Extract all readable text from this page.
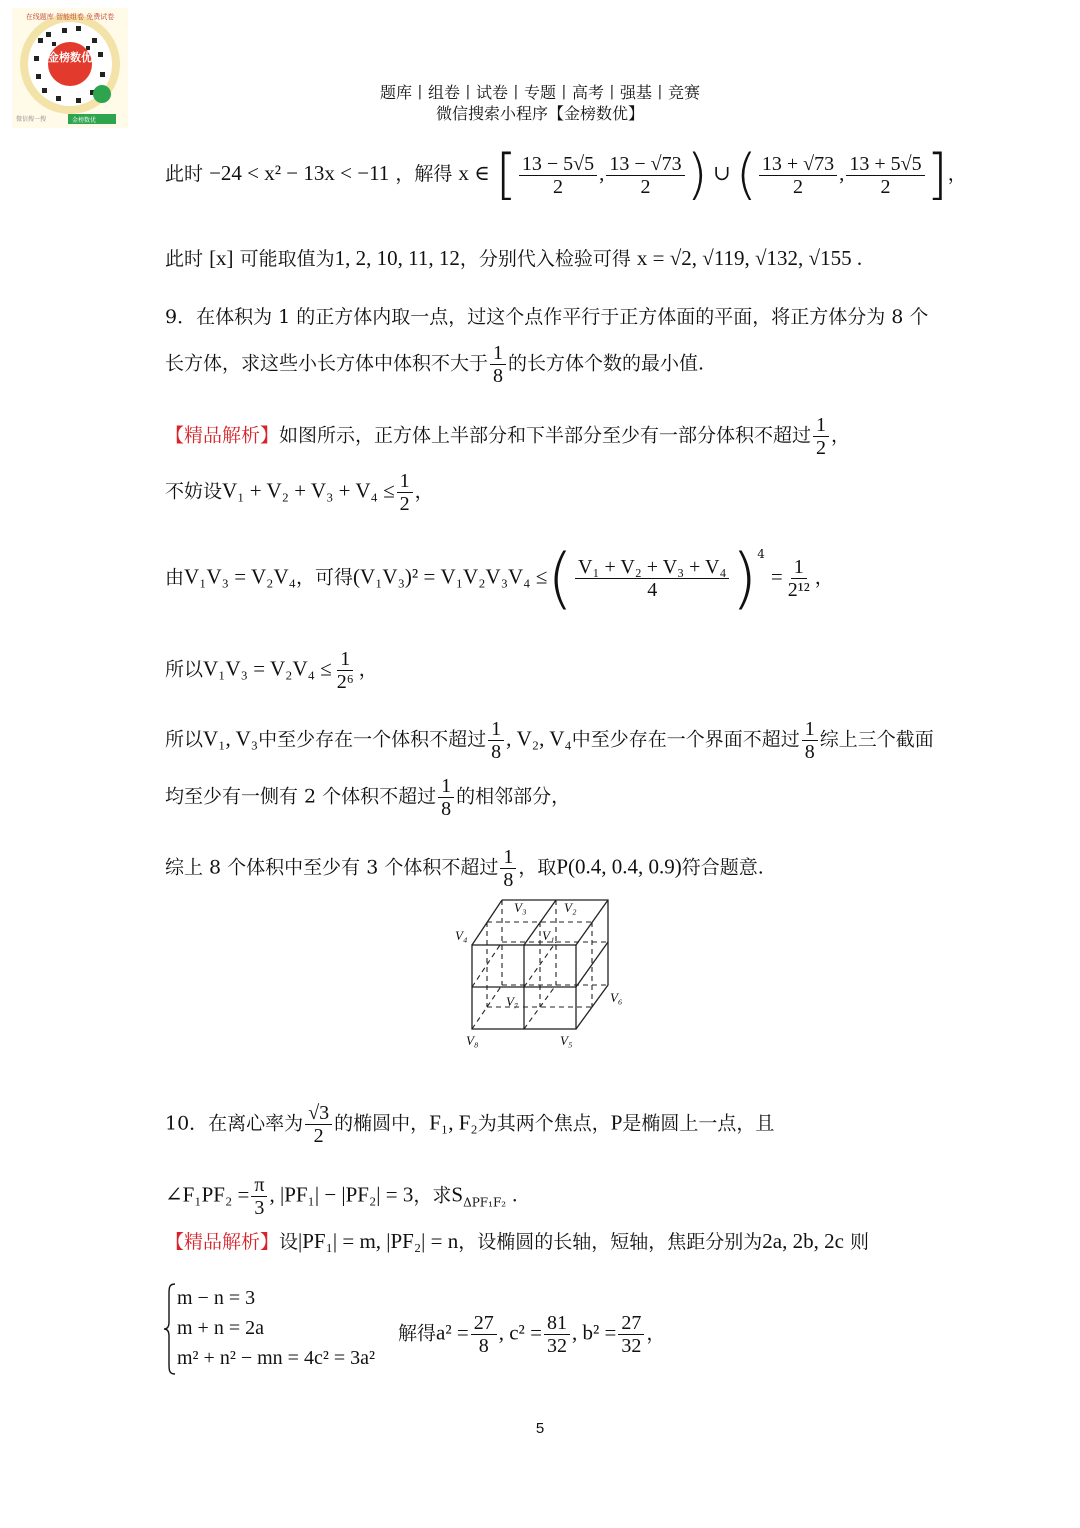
金榜数优
在线题库 智能组卷 免费试卷
微信搜一搜	金榜数优
题库丨组卷丨试卷丨专题丨高考丨强基丨竞赛
微信搜索小程序【金榜数优】
此时 −24 < x² − 13x < −11 ，解得 x ∈ [ $\frac{13 - 5√5}{2}$ , $\frac{13 - √73}{2}$ ) ∪ ( $\frac{13 + √73}{2}$ , $\frac{13 + 5√5}{2}$ ]，
此时 [x] 可能取值为1, 2, 10, 11, 12，分别代入检验可得 x = √2, √119, √132, √155 .
9．在体积为 1 的正方体内取一点，过这个点作平行于正方体面的平面，将正方体分为 8 个
长方体，求这些小长方体中体积不大于 $\frac{1}{8}$ 的长方体个数的最小值.
【精品解析】如图所示，正方体上半部分和下半部分至少有一部分体积不超过 $\frac{1}{2}$ ，
不妨设$V_1 + V_2 + V_3 + V_4 \le \frac{1}{2}$ ，
由V₁V₃ = V₂V₄，可得(V₁V₃)² = V₁V₂V₃V₄ ≤( $\frac{\text{V₁ + V₂ + V₃ + V₄}}{4} )^4 = \frac{1}{\text{2¹²}}$ ，
所以$V_1V_3 = V_2V_4 \le \frac{1}{\text{2⁶}}$ ，
所以V₁, V₃中至少存在一个体积不超过 $\frac{1}{8}$ , V₂, V₄中至少存在一个界面不超过 $\frac{1}{8}$ 综上三个截面
均至少有一侧有 2 个体积不超过 $\frac{1}{8}$ 的相邻部分，
综上 8 个体积中至少有 3 个体积不超过 $\frac{1}{8}$ ，取P(0.4, 0.4, 0.9)符合题意.
V₃	V₂
V₄	V₁
V₇	V₆
V₈	V₅
10．在离心率为 $\frac{√3}{2}$ 的椭圆中，F₁, F₂为其两个焦点，P是椭圆上一点，且
∠F₁PF₂ = $\frac{\pi}{3}$ , |PF₁| − |PF₂| = 3，求$S_{\Delta PF_1F_2}$ .
【精品解析】设|PF₁| = m, |PF₂| = n，设椭圆的长轴，短轴，焦距分别为2a, 2b, 2c 则
m − n = 3
m + n = 2a
m² + n² − mn = 4c² = 3a²
解得$a^2 = \frac{27}{8}$ , $c^2 = \frac{81}{32}$ , $b^2 = \frac{27}{32}$ ，
5
